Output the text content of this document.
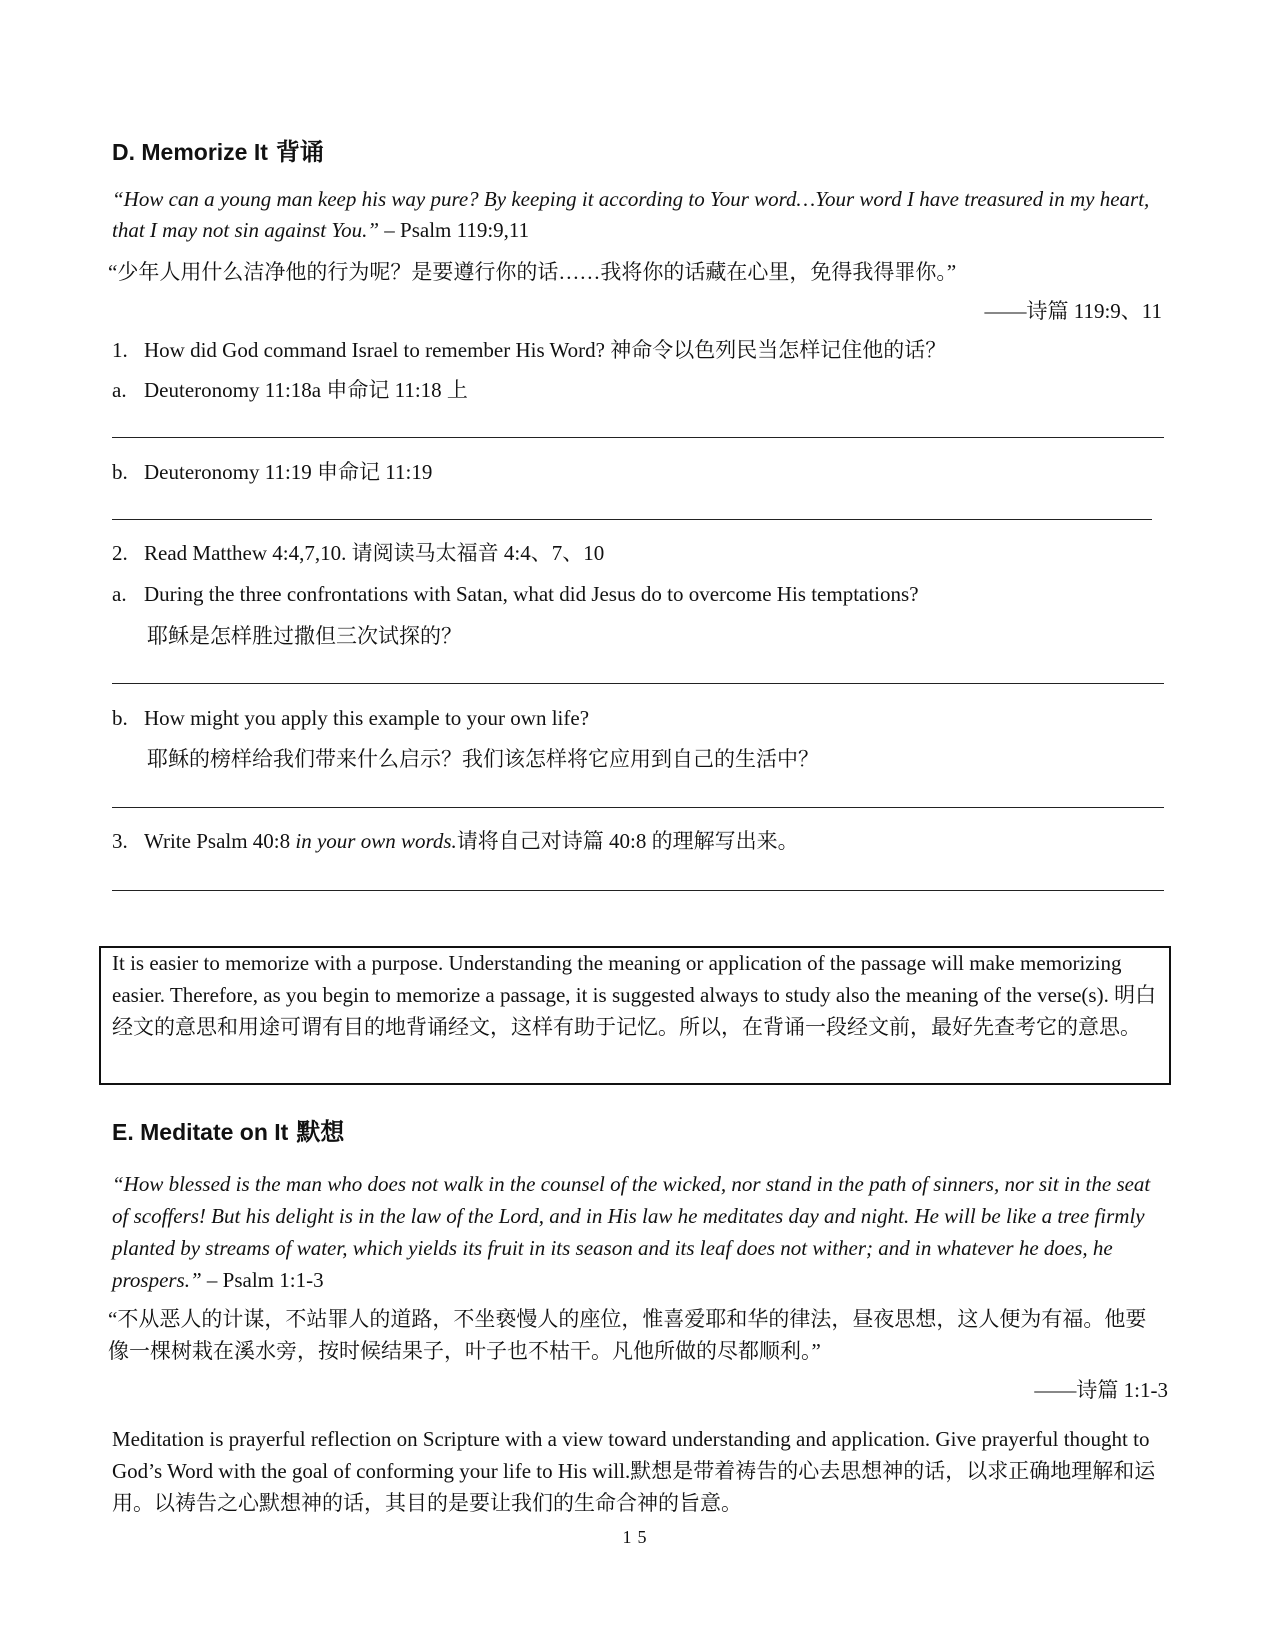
D. Memorize It 背诵
“How can a young man keep his way pure? By keeping it according to Your word…Your word I have treasured in my heart, that I may not sin against You.” – Psalm 119:9,11
“少年人用什么洁净他的行为呢？是要遵行你的话……我将你的话藏在心里，免得我得罪你。”
——诗篇 119:9、11
1. How did God command Israel to remember His Word? 神命令以色列民当怎样记住他的话？
a. Deuteronomy 11:18a 申命记 11:18 上
b. Deuteronomy 11:19 申命记 11:19
2. Read Matthew 4:4,7,10. 请阅读马太福音 4:4、7、10
a. During the three confrontations with Satan, what did Jesus do to overcome His temptations?
耶稣是怎样胜过撒但三次试探的？
b. How might you apply this example to your own life?
耶稣的榜样给我们带来什么启示？我们该怎样将它应用到自己的生活中？
3. Write Psalm 40:8 in your own words.请将自己对诗篇 40:8 的理解写出来。
It is easier to memorize with a purpose. Understanding the meaning or application of the passage will make memorizing easier. Therefore, as you begin to memorize a passage, it is suggested always to study also the meaning of the verse(s). 明白经文的意思和用途可谓有目的地背诵经文，这样有助于记忆。所以，在背诵一段经文前，最好先查考它的意思。
E. Meditate on It 默想
“How blessed is the man who does not walk in the counsel of the wicked, nor stand in the path of sinners, nor sit in the seat of scoffers! But his delight is in the law of the Lord, and in His law he meditates day and night. He will be like a tree firmly planted by streams of water, which yields its fruit in its season and its leaf does not wither; and in whatever he does, he prospers.” – Psalm 1:1-3
“不从恶人的计谋，不站罪人的道路，不坐亵慢人的座位，惟喜爱耶和华的律法，昼夜思想，这人便为有福。他要像一棵树栽在溪水旁，按时候结果子，叶子也不枯干。凡他所做的尽都顺利。”
——诗篇 1:1-3
Meditation is prayerful reflection on Scripture with a view toward understanding and application. Give prayerful thought to God’s Word with the goal of conforming your life to His will.默想是带着祷告的心去思想神的话，以求正确地理解和运用。以祷告之心默想神的话，其目的是要让我们的生命合神的旨意。
15
